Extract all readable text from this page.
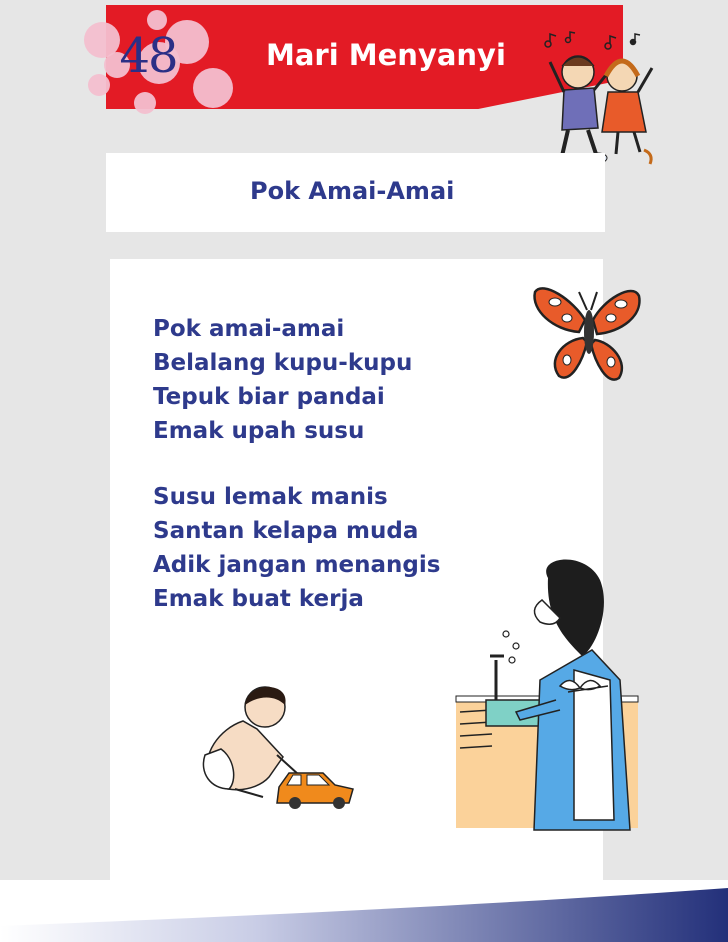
48	Mari Menyanyi
Pok Amai-Amai
Pok amai-amai
Belalang kupu-kupu
Tepuk biar pandai
Emak upah susu
Susu lemak manis
Santan kelapa muda
Adik jangan menangis
Emak buat kerja
